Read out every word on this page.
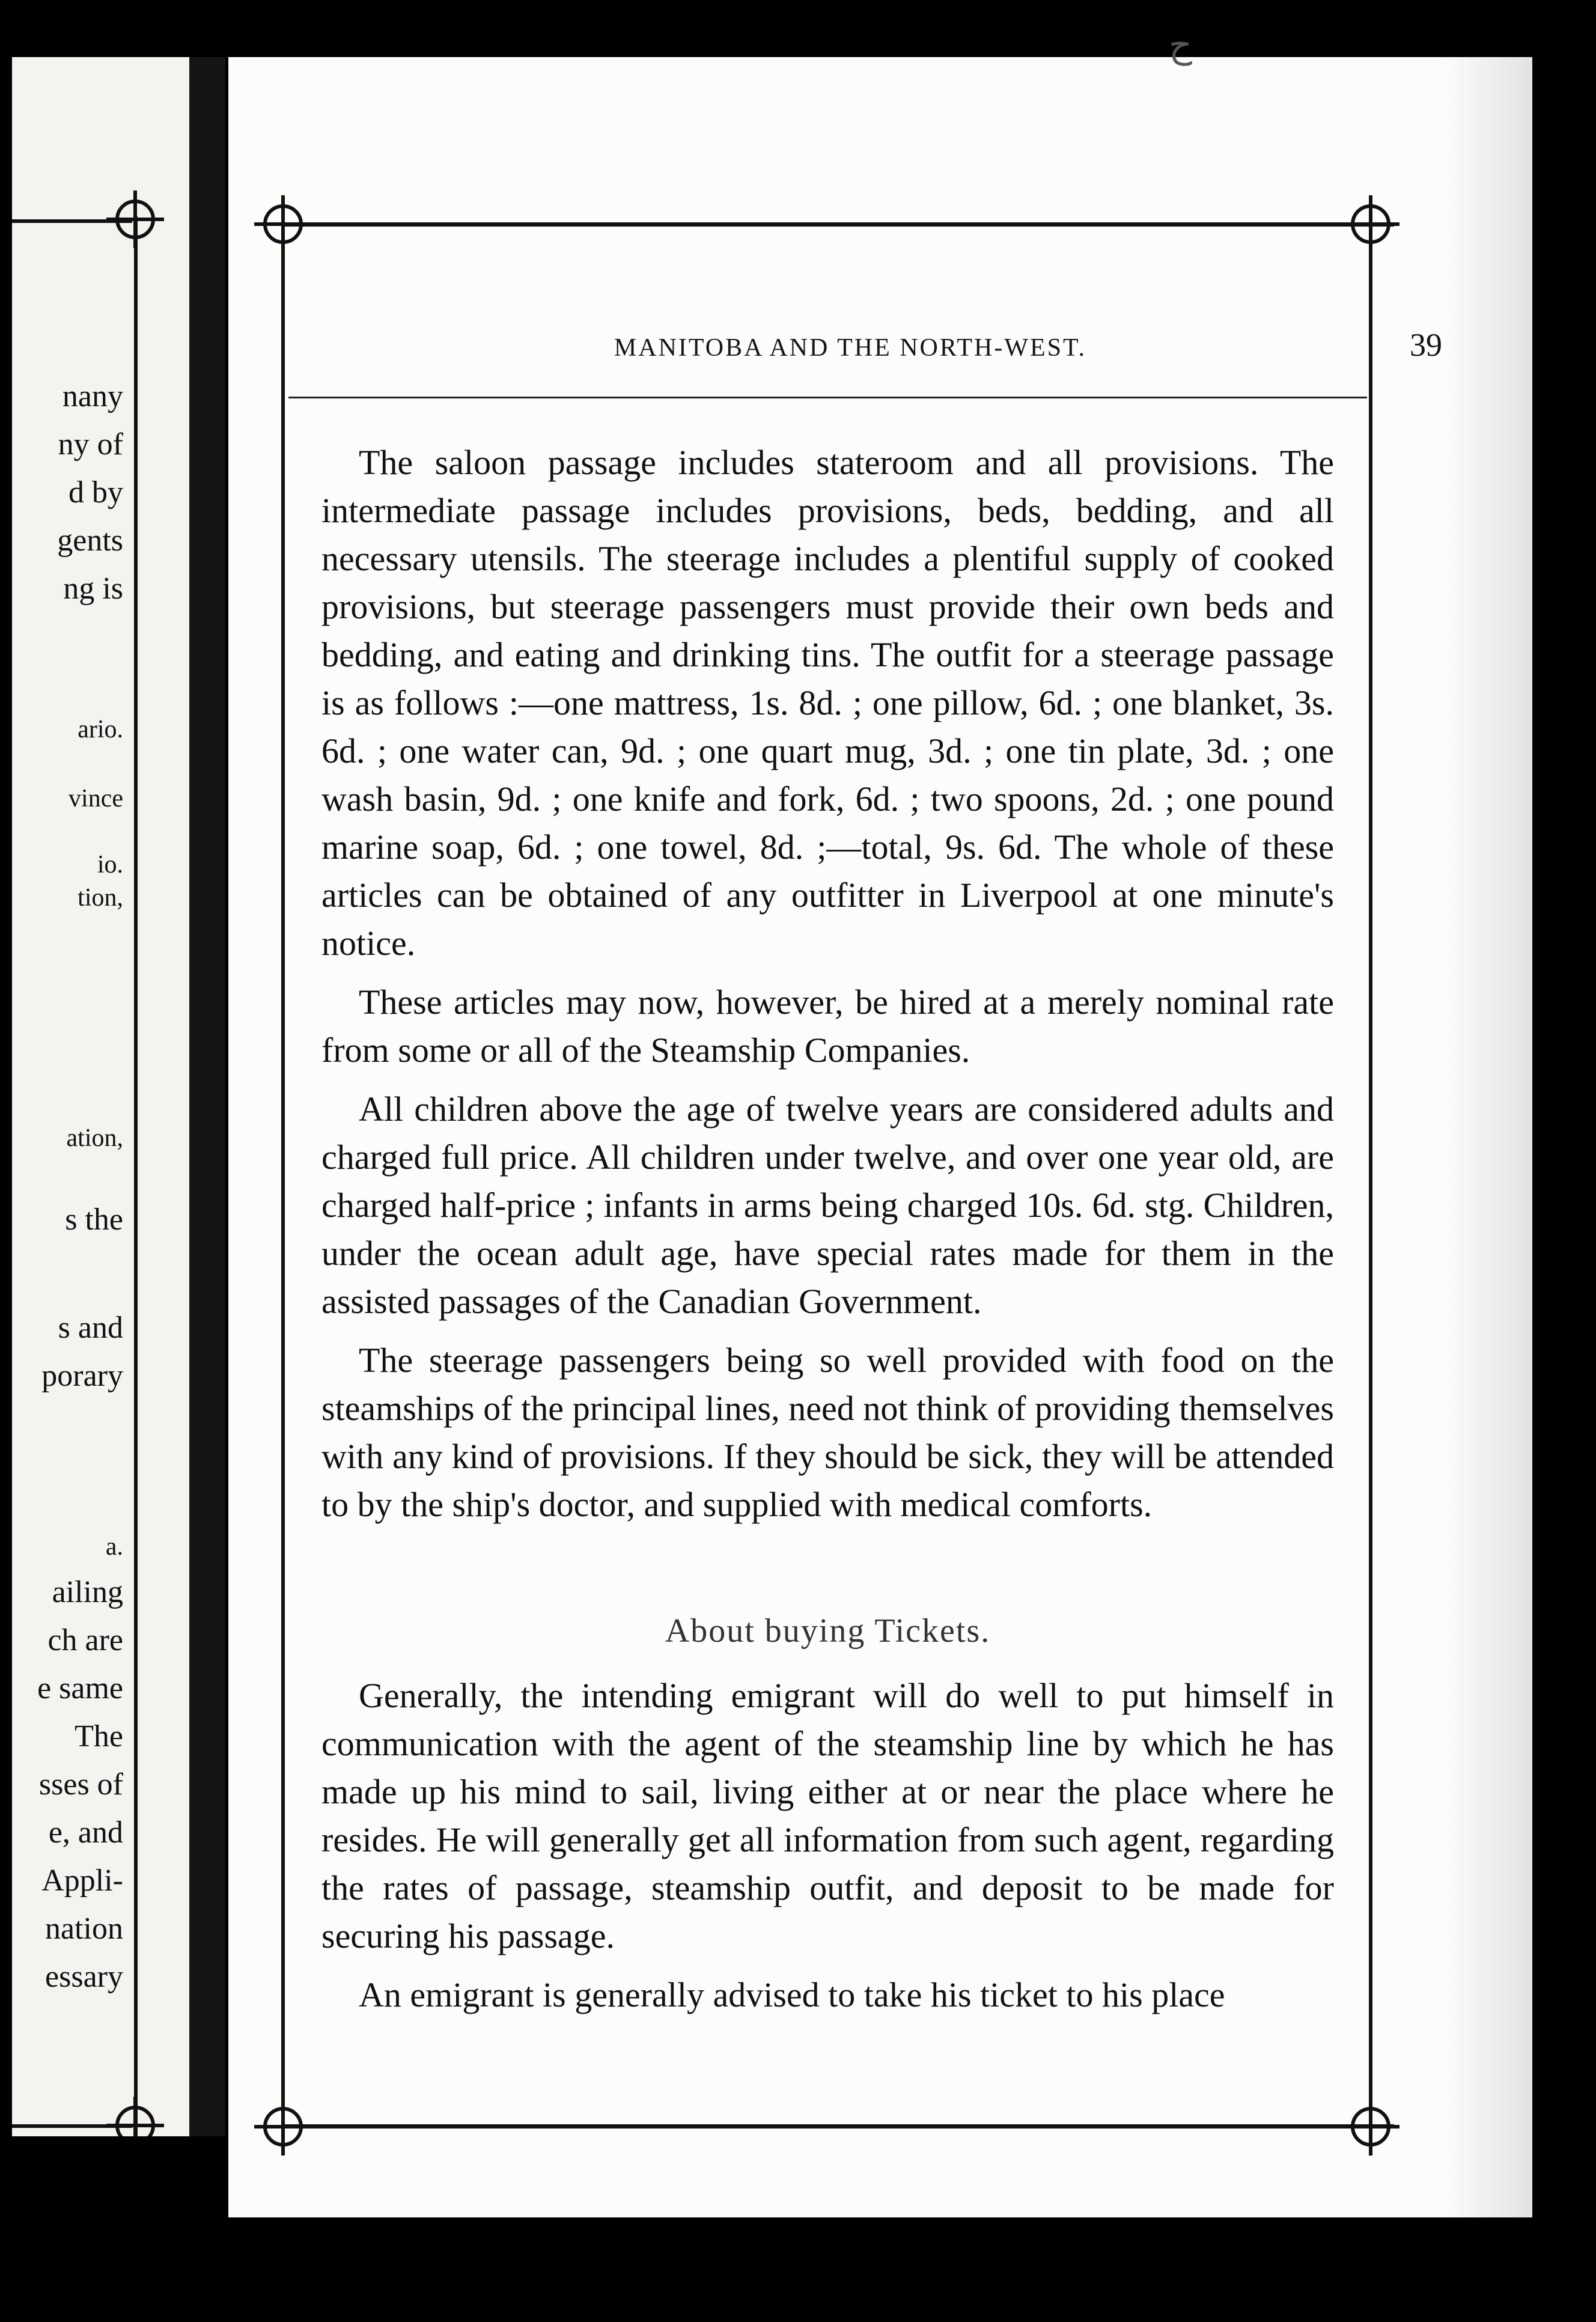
nany
ny of
d by
gents
ng is
ario.
vince
io.
tion,
ation,
s the
s and
porary
a.
ailing
ch are
e same
The
sses of
e, and
Appli-
nation
essary
MANITOBA AND THE NORTH-WEST.	39

The saloon passage includes stateroom and all provisions. The intermediate passage includes provisions, beds, bedding, and all necessary utensils. The steerage includes a plentiful supply of cooked provisions, but steerage passengers must provide their own beds and bedding, and eating and drinking tins. The outfit for a steerage passage is as follows :—one mattress, 1s. 8d. ; one pillow, 6d. ; one blanket, 3s. 6d. ; one water can, 9d. ; one quart mug, 3d. ; one tin plate, 3d. ; one wash basin, 9d. ; one knife and fork, 6d. ; two spoons, 2d. ; one pound marine soap, 6d. ; one towel, 8d. ;—total, 9s. 6d. The whole of these articles can be obtained of any outfitter in Liverpool at one minute's notice.

These articles may now, however, be hired at a merely nominal rate from some or all of the Steamship Companies.

All children above the age of twelve years are considered adults and charged full price. All children under twelve, and over one year old, are charged half-price ; infants in arms being charged 10s. 6d. stg. Children, under the ocean adult age, have special rates made for them in the assisted passages of the Canadian Government.

The steerage passengers being so well provided with food on the steamships of the principal lines, need not think of providing themselves with any kind of provisions. If they should be sick, they will be attended to by the ship's doctor, and supplied with medical comforts.

About buying Tickets.

Generally, the intending emigrant will do well to put himself in communication with the agent of the steamship line by which he has made up his mind to sail, living either at or near the place where he resides. He will generally get all information from such agent, regarding the rates of passage, steamship outfit, and deposit to be made for securing his passage.

An emigrant is generally advised to take his ticket to his place

ح
